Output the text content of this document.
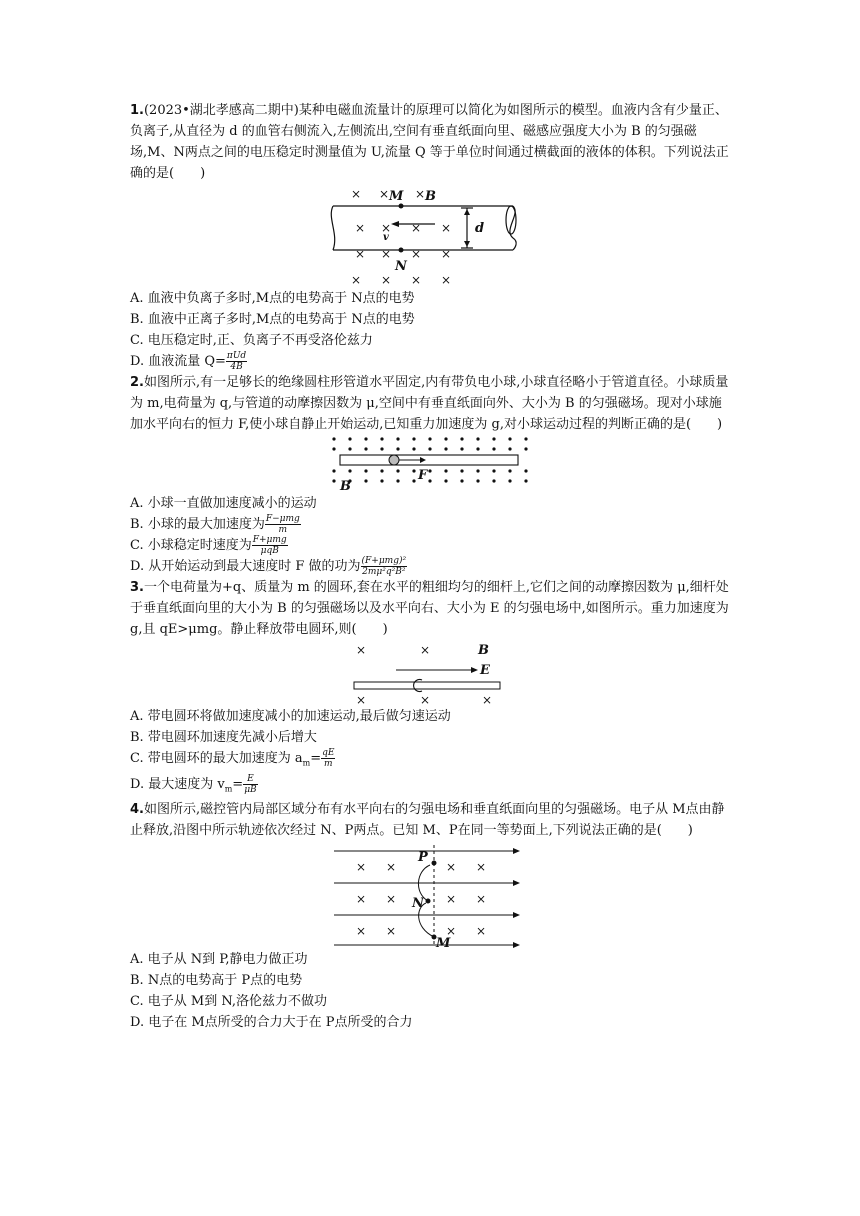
1.(2023•湖北孝感高二期中)某种电磁血流量计的原理可以简化为如图所示的模型。血液内含有少量正、负离子,从直径为 d 的血管右侧流入,左侧流出,空间有垂直纸面向里、磁感应强度大小为 B 的匀强磁场,M、N两点之间的电压稳定时测量值为 U,流量 Q 等于单位时间通过横截面的液体的体积。下列说法正确的是(　　)

× × ×
× × × ×
× × × ×
× × × ×
M B
N
d
v
A. 血液中负离子多时,M点的电势高于 N点的电势
B. 血液中正离子多时,M点的电势高于 N点的电势
C. 电压稳定时,正、负离子不再受洛伦兹力
D. 血液流量 $Q= \frac{\text{πUd}}{4B}$

2.如图所示,有一足够长的绝缘圆柱形管道水平固定,内有带负电小球,小球直径略小于管道直径。小球质量为 m,电荷量为 q,与管道的动摩擦因数为 μ,空间中有垂直纸面向外、大小为 B 的匀强磁场。现对小球施加水平向右的恒力 F,使小球自静止开始运动,已知重力加速度为 g,对小球运动过程的判断正确的是(　　)

F
B
A. 小球一直做加速度减小的运动
B. 小球的最大加速度为 $\frac{\text{F−μmg}}{m}$
C. 小球稳定时速度为 $\frac{\text{F+μmg}}{\text{μqB}}$
D. 从开始运动到最大速度时 F 做的功为 $\frac{\text{(F+μmg)²}}{\text{2mμ²q²B²}}$

3.一个电荷量为+q、质量为 m 的圆环,套在水平的粗细均匀的细杆上,它们之间的动摩擦因数为 μ,细杆处于垂直纸面向里的大小为 B 的匀强磁场以及水平向右、大小为 E 的匀强电场中,如图所示。重力加速度为 g,且 qE>μmg。静止释放带电圆环,则(　　)

×	×
×	×	×
B
E
A. 带电圆环将做加速度减小的加速运动,最后做匀速运动
B. 带电圆环加速度先减小后增大
C. 带电圆环的最大加速度为 $a_m= \frac{qE}{m}$
D. 最大速度为 $v_m= \frac{E}{\mu B}$

4.如图所示,磁控管内局部区域分布有水平向右的匀强电场和垂直纸面向里的匀强磁场。电子从 M点由静止释放,沿图中所示轨迹依次经过 N、P两点。已知 M、P在同一等势面上,下列说法正确的是(　　)

× ×	× ×
× ×	× ×
× ×	× ×
P
N
M
A. 电子从 N到 P,静电力做正功
B. N点的电势高于 P点的电势
C. 电子从 M到 N,洛伦兹力不做功
D. 电子在 M点所受的合力大于在 P点所受的合力
